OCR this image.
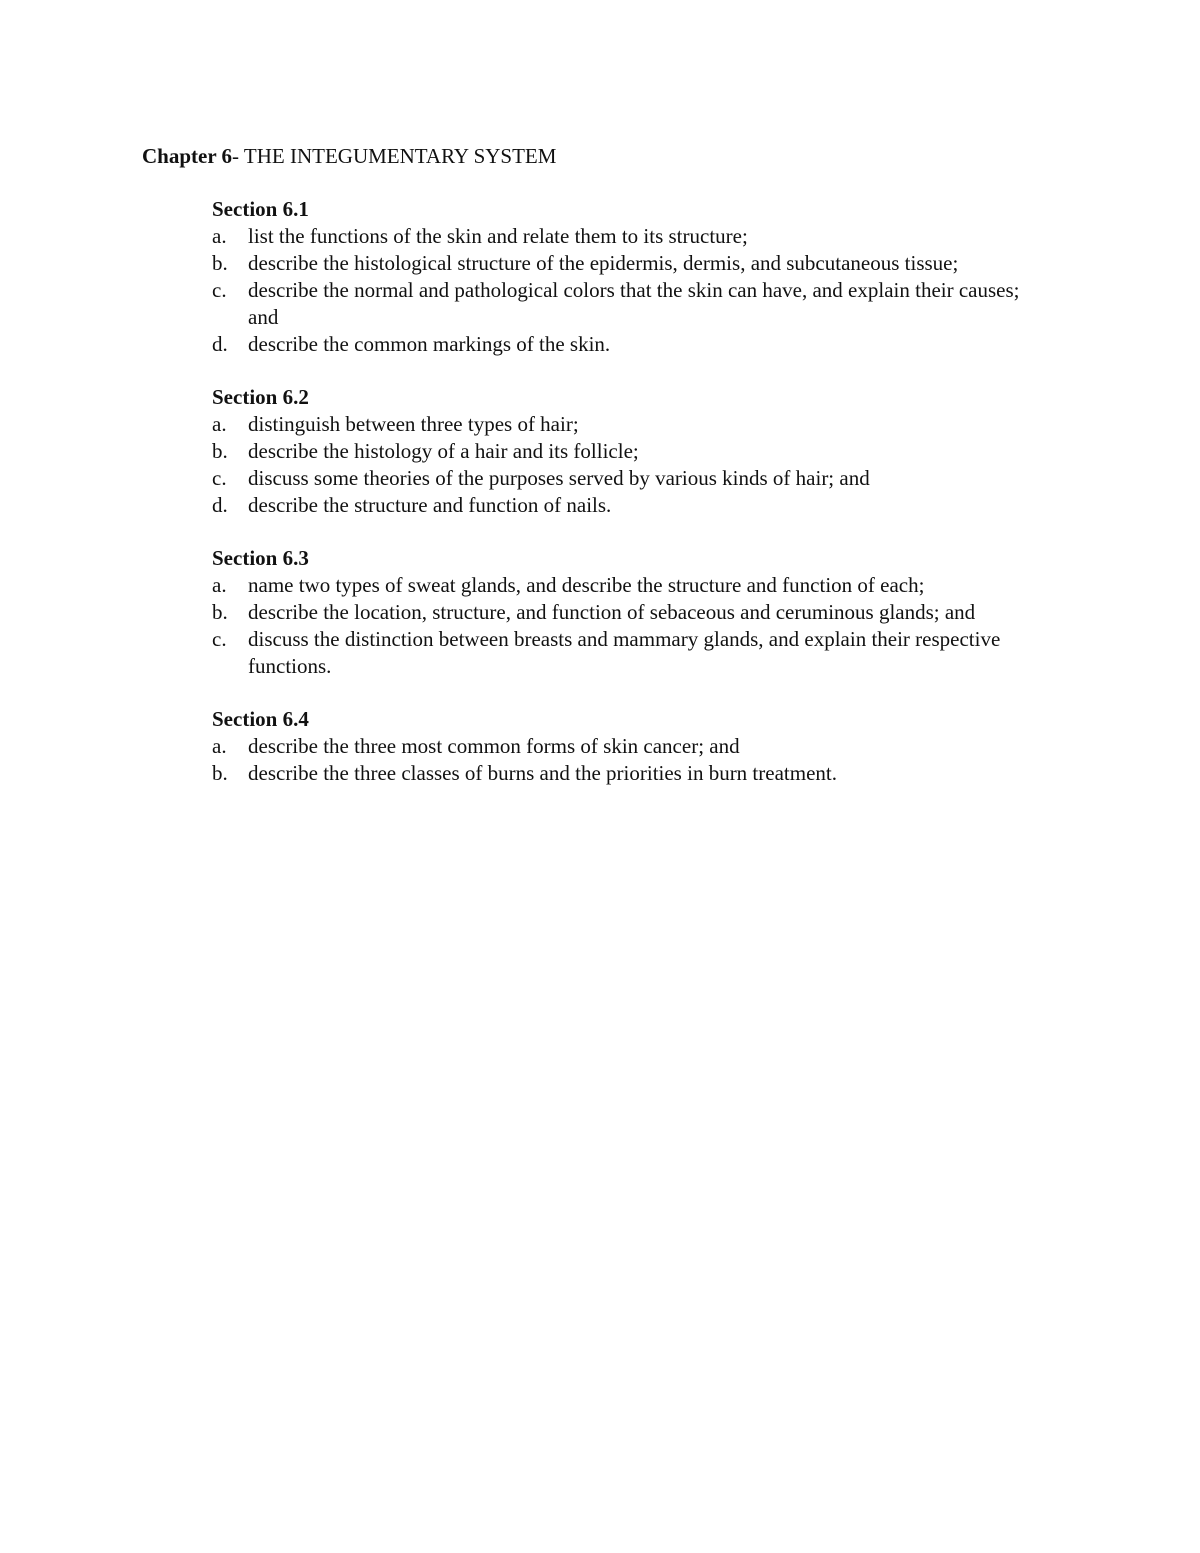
Chapter 6- THE INTEGUMENTARY SYSTEM
Section 6.1
a.	list the functions of the skin and relate them to its structure;
b. describe the histological structure of the epidermis, dermis, and subcutaneous tissue;
c.	describe the normal and pathological colors that the skin can have, and explain their causes; and
d. describe the common markings of the skin.
Section 6.2
a.	distinguish between three types of hair;
b. describe the histology of a hair and its follicle;
c.	discuss some theories of the purposes served by various kinds of hair; and
d. describe the structure and function of nails.
Section 6.3
a.	name two types of sweat glands, and describe the structure and function of each;
b. describe the location, structure, and function of sebaceous and ceruminous glands; and
c.	discuss the distinction between breasts and mammary glands, and explain their respective functions.
Section 6.4
a.	describe the three most common forms of skin cancer; and
b. describe the three classes of burns and the priorities in burn treatment.
